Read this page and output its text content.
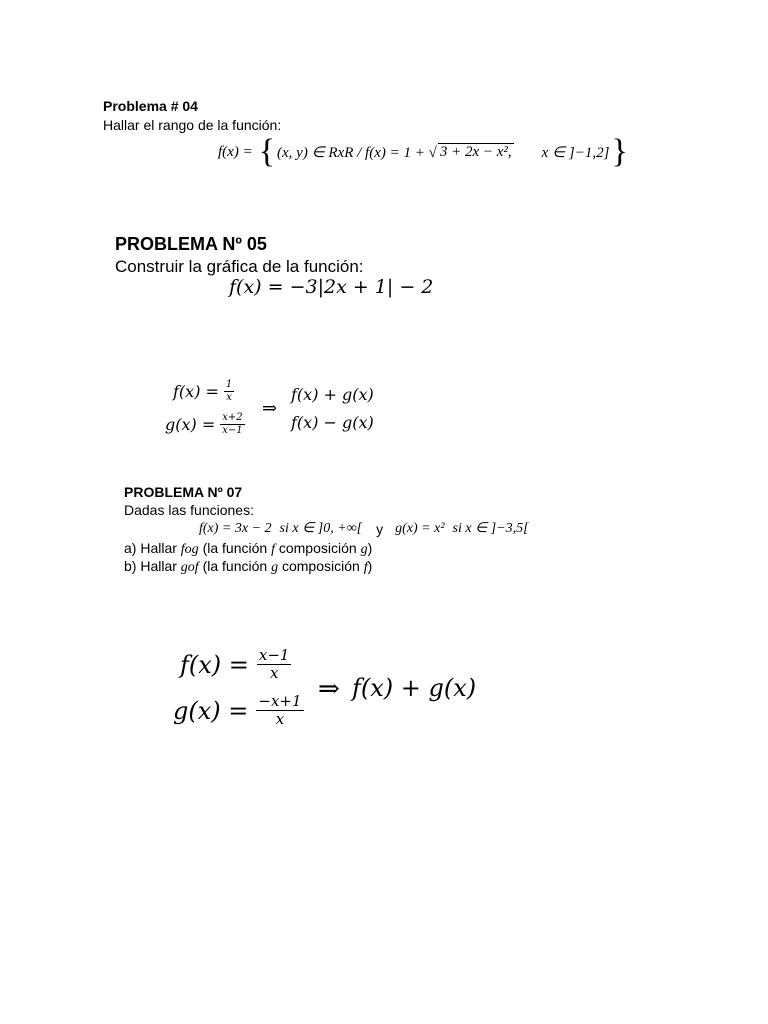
Problema # 04
Hallar el rango de la función:
f(x) = { (x, y) ∈ RxR / f(x) = 1 + √ 3 + 2x − x², x ∈ ]−1,2] }
PROBLEMA Nº 05
Construir la gráfica de la función:
f(x) = −3|2x + 1| − 2
$f(x) = \frac{1}{x}$
$g(x) = \frac{x+2}{x-1}$
⇒
f(x) + g(x)
f(x) − g(x)
PROBLEMA Nº 07
Dadas las funciones:
f(x) = 3x − 2 si x ∈ ]0, +∞[ y g(x) = x² si x ∈ ]−3,5[
a) Hallar fog (la función f composición g)
b) Hallar gof (la función g composición f)
$f(x) = \frac{x-1}{x}$
$g(x) = \frac{-x+1}{x}$
⇒ f(x) + g(x)
